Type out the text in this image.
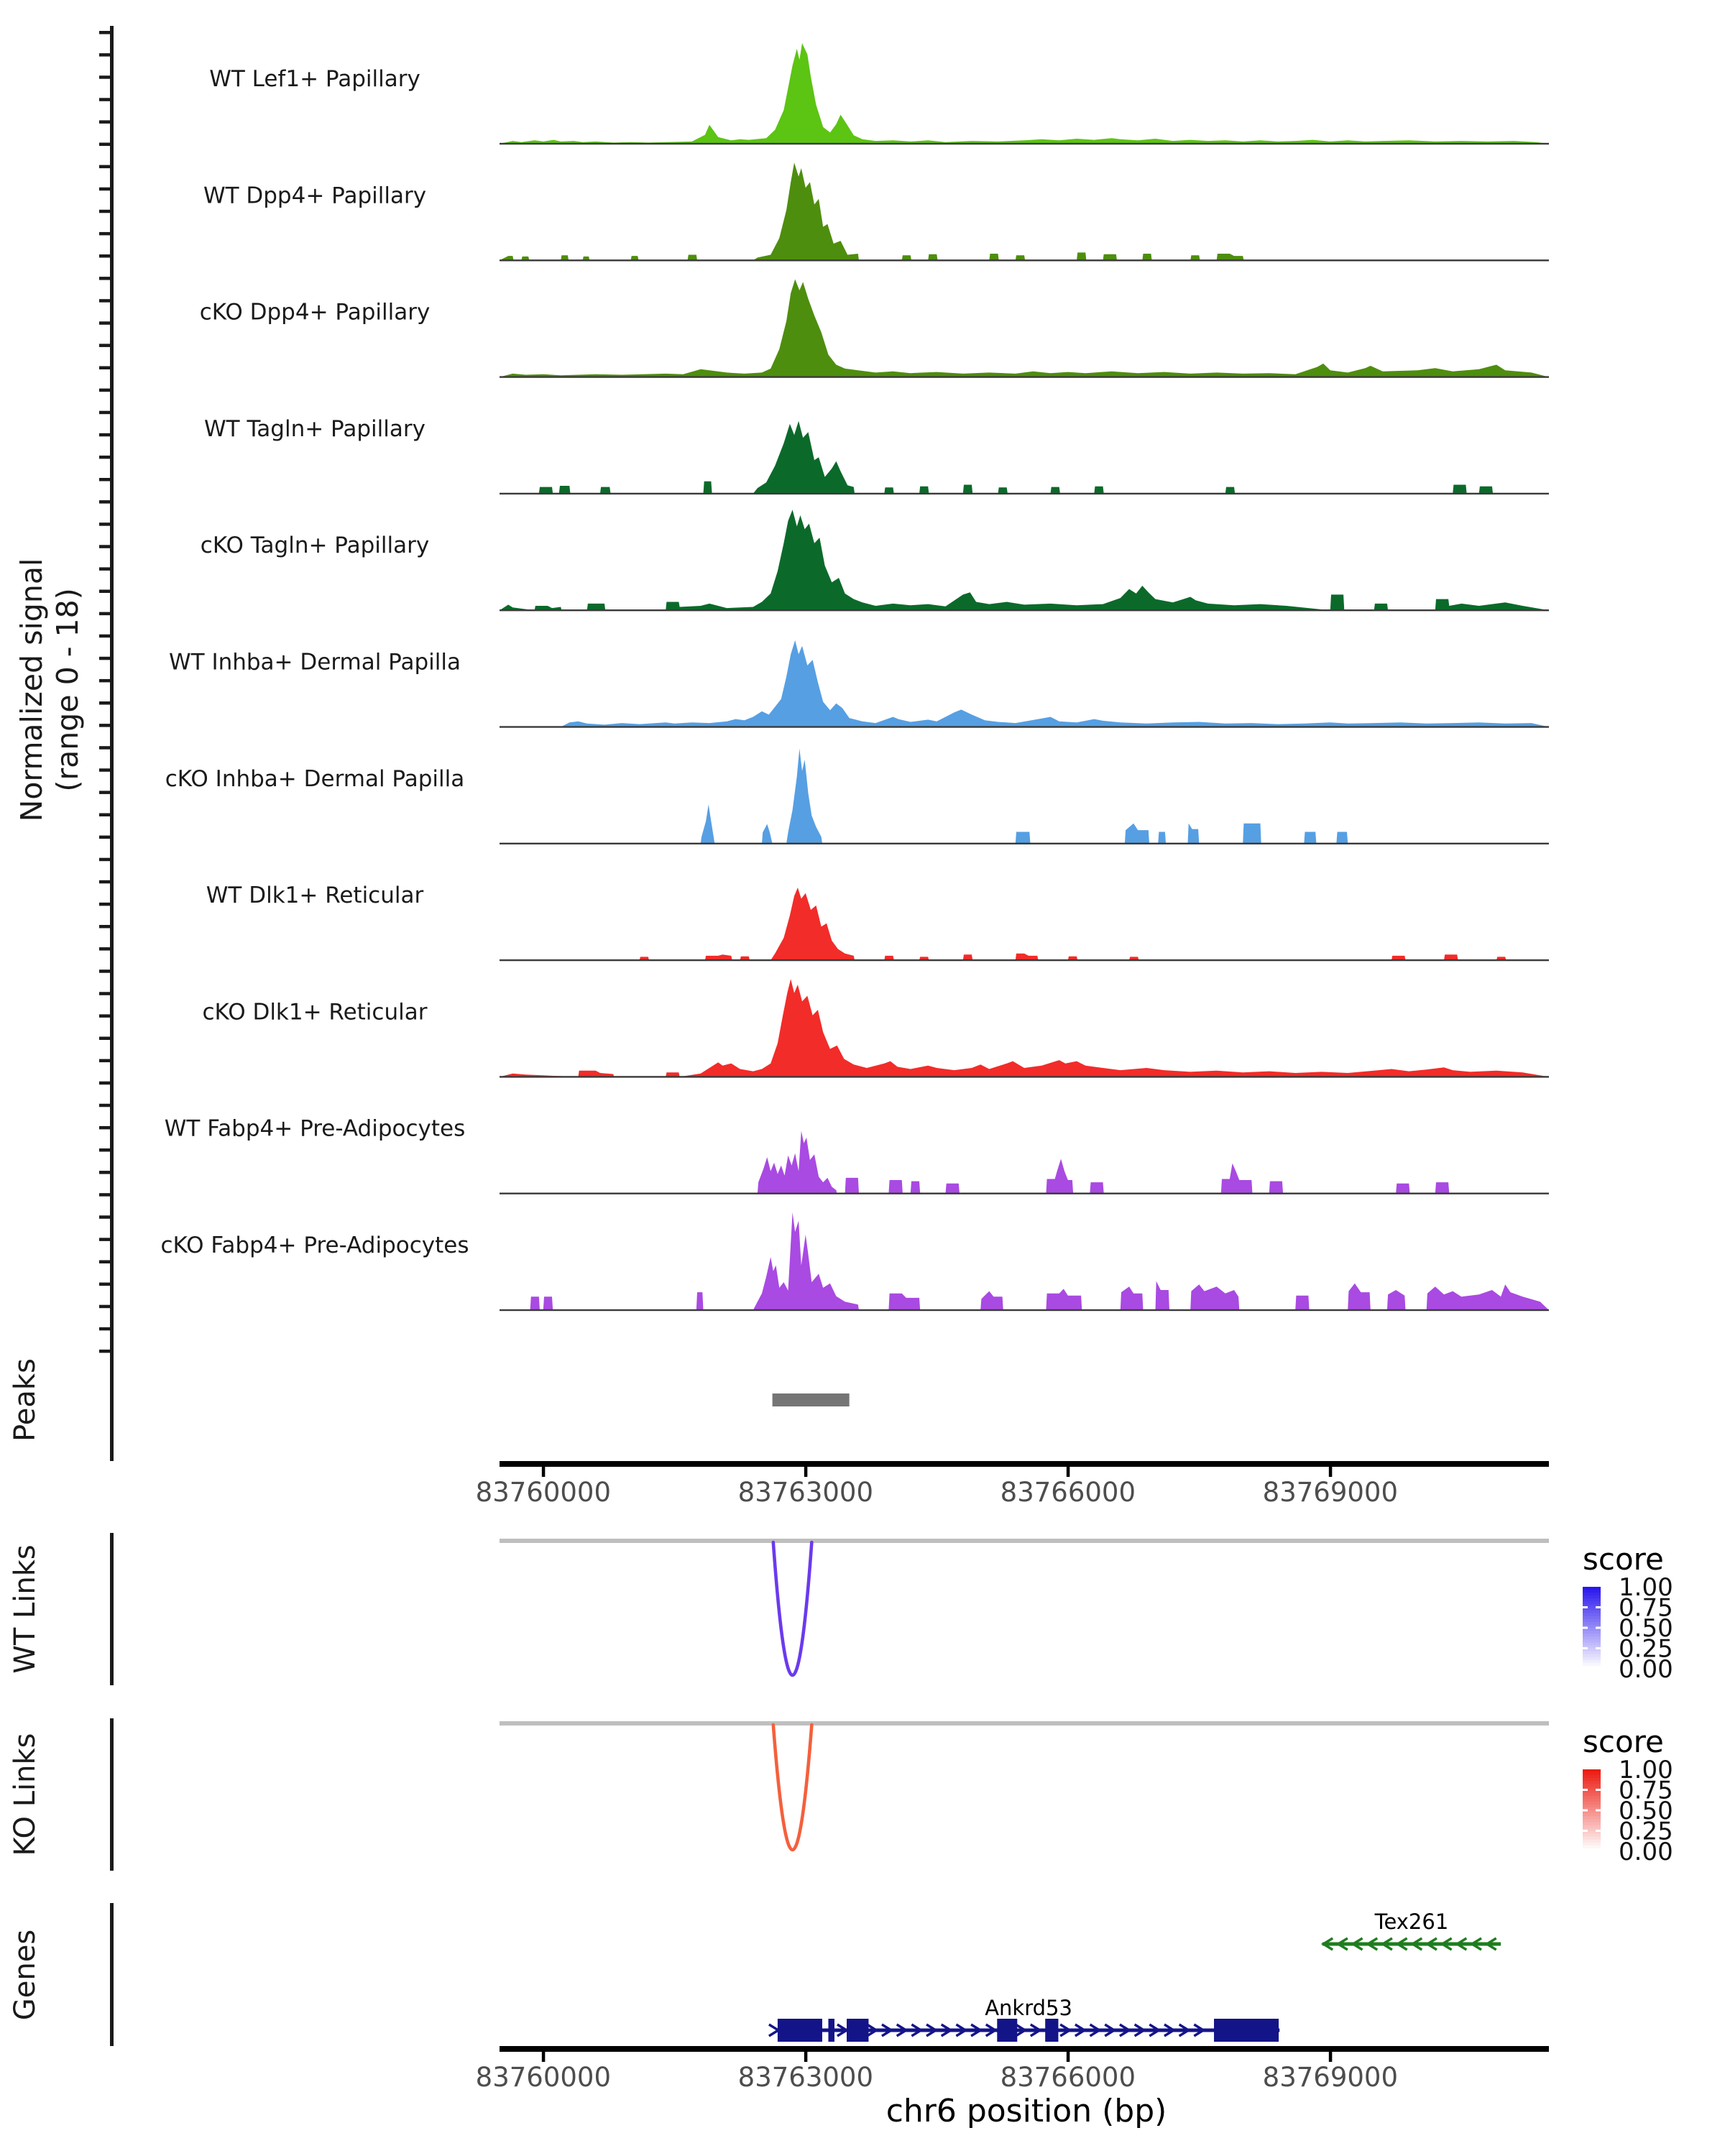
Normalized signal (range 0 - 18)
WT Lef1+ Papillary
WT Dpp4+ Papillary
cKO Dpp4+ Papillary
WT Tagln+ Papillary
cKO Tagln+ Papillary
WT Inhba+ Dermal Papilla
cKO Inhba+ Dermal Papilla
WT Dlk1+ Reticular
cKO Dlk1+ Reticular
WT Fabp4+ Pre-Adipocytes
cKO Fabp4+ Pre-Adipocytes
Peaks
83760000	83763000	83766000	83769000
WT Links	score
1.00
0.75
0.50
0.25
0.00
KO Links	score
1.00
0.75
0.50
0.25
0.00
Genes
Tex261
Ankrd53
chr6 position (bp)
83760000	83763000	83766000	83769000
